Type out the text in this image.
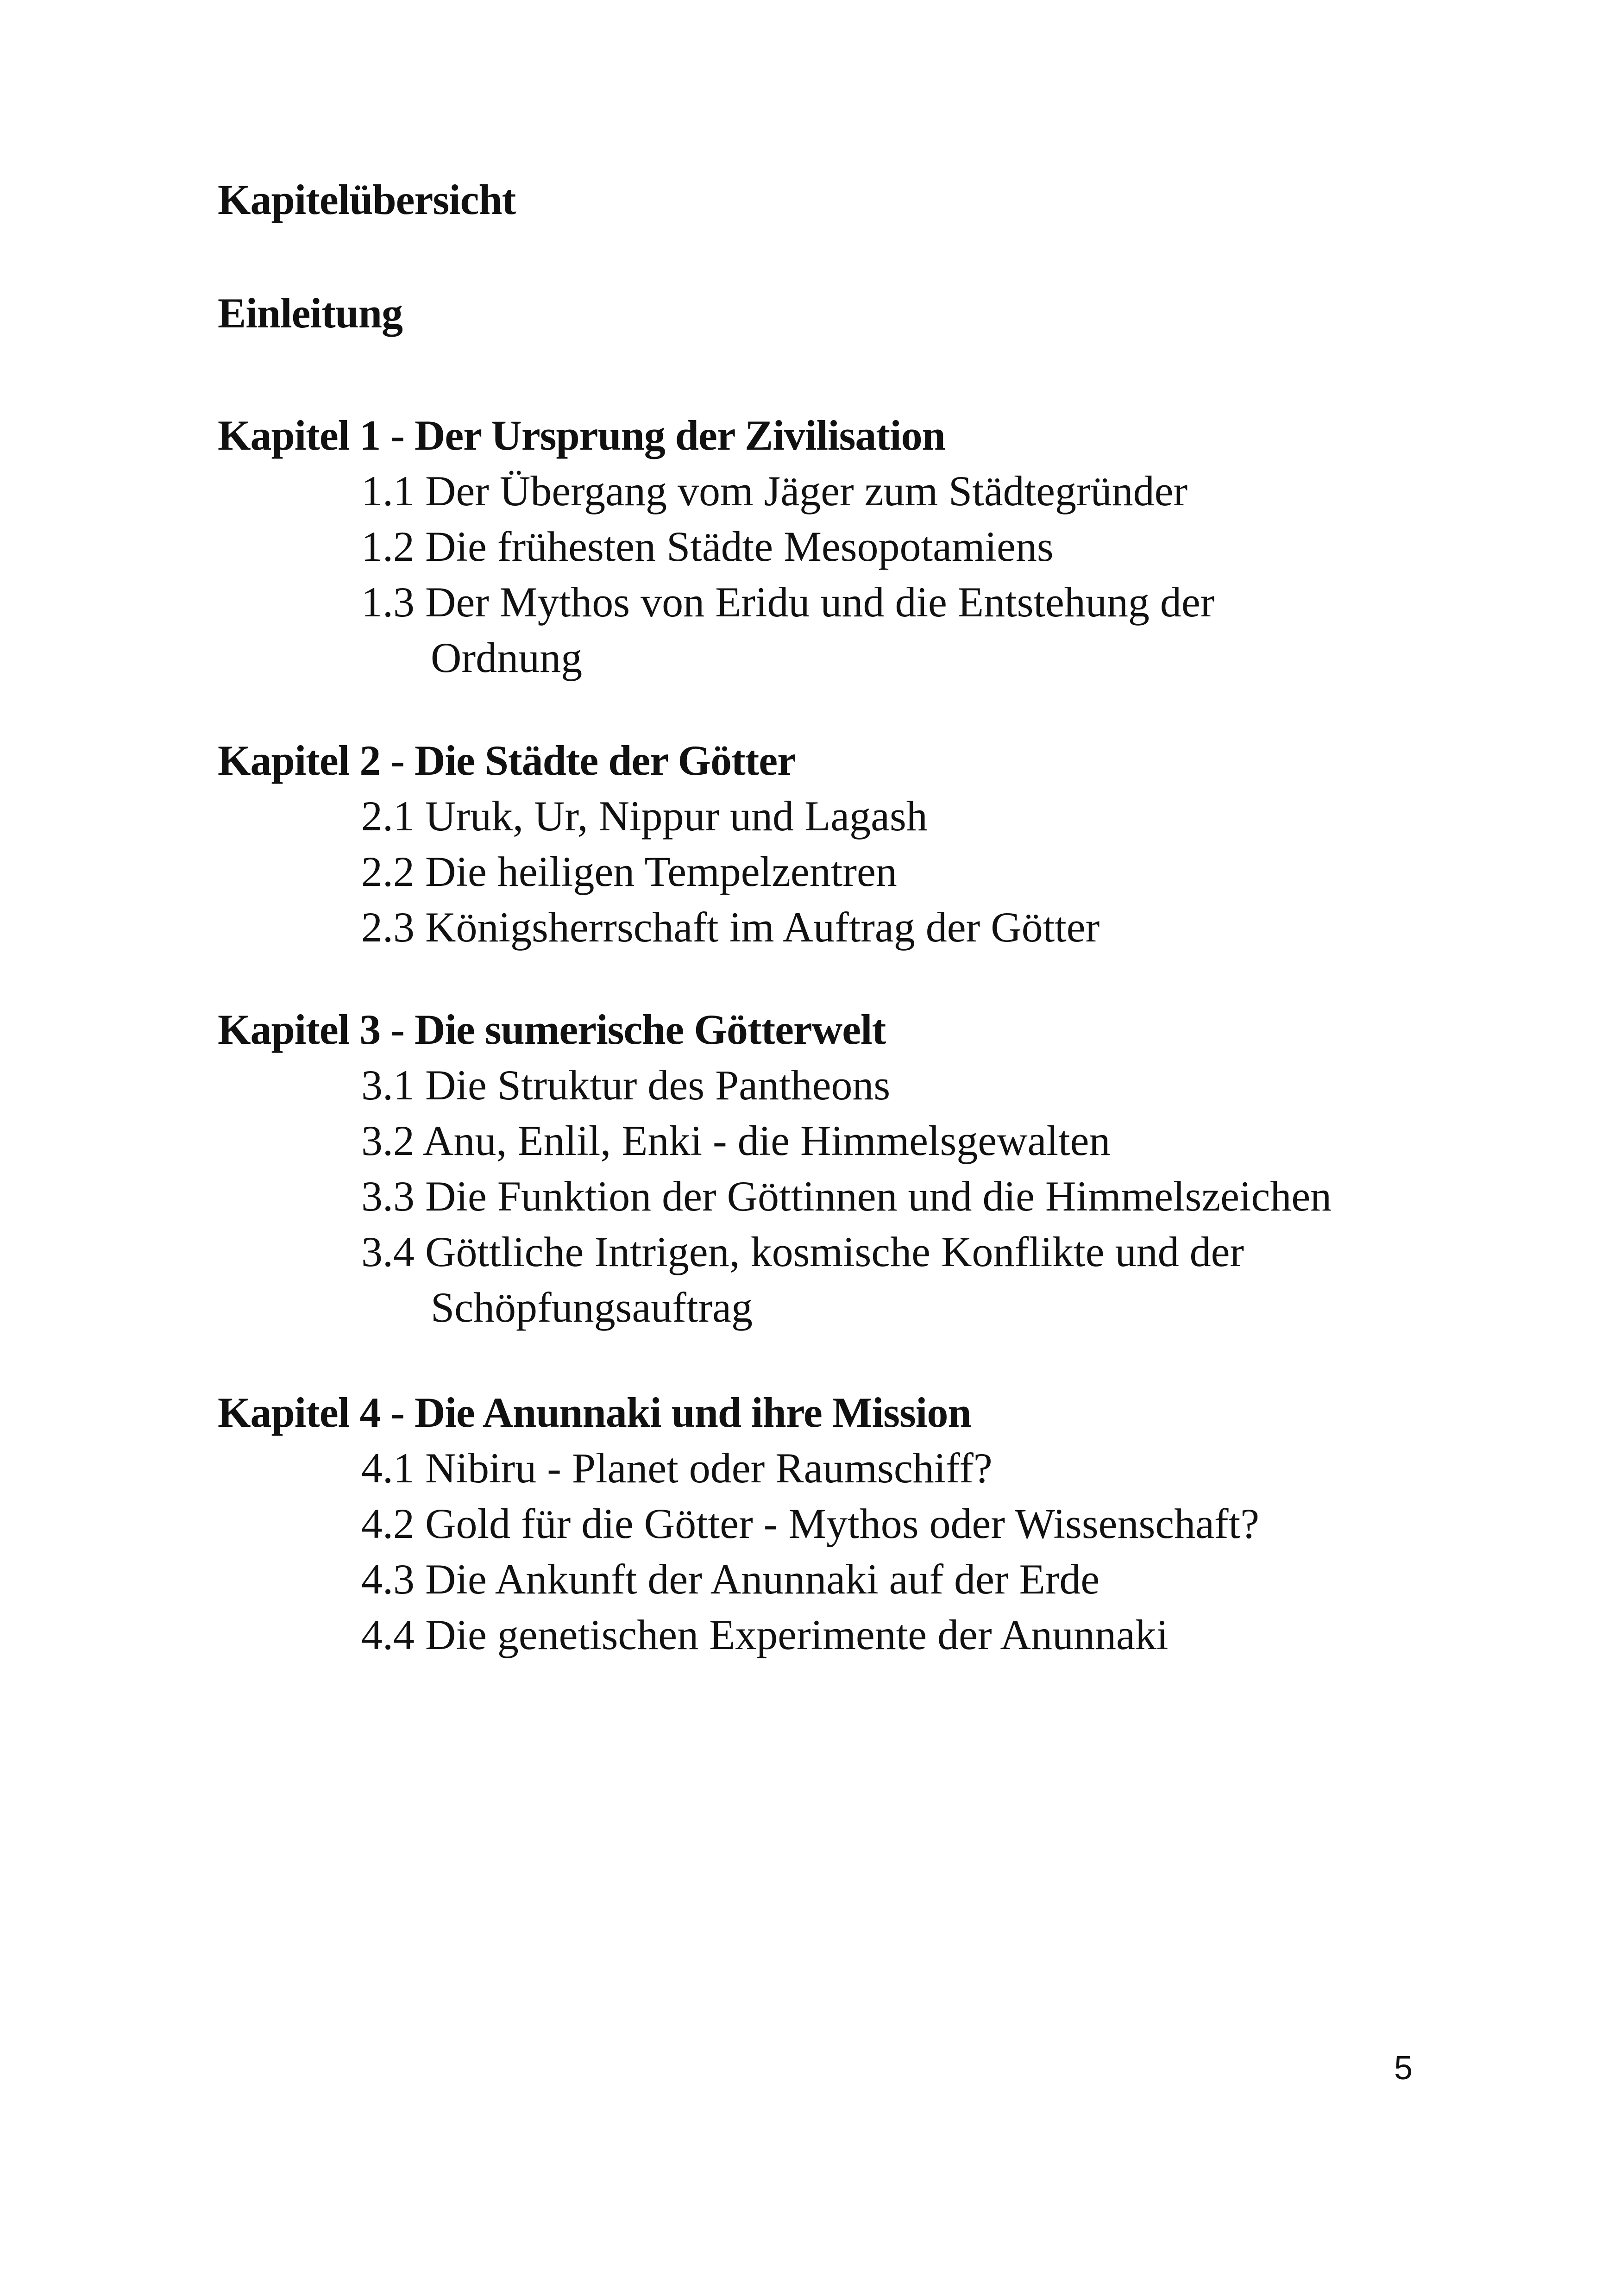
Kapitelübersicht
Einleitung
Kapitel 1 - Der Ursprung der Zivilisation
1.1 Der Übergang vom Jäger zum Städtegründer
1.2 Die frühesten Städte Mesopotamiens
1.3 Der Mythos von Eridu und die Entstehung der
Ordnung
Kapitel 2 - Die Städte der Götter
2.1 Uruk, Ur, Nippur und Lagash
2.2 Die heiligen Tempelzentren
2.3 Königsherrschaft im Auftrag der Götter
Kapitel 3 - Die sumerische Götterwelt
3.1 Die Struktur des Pantheons
3.2 Anu, Enlil, Enki - die Himmelsgewalten
3.3 Die Funktion der Göttinnen und die Himmelszeichen
3.4 Göttliche Intrigen, kosmische Konflikte und der
Schöpfungsauftrag
Kapitel 4 - Die Anunnaki und ihre Mission
4.1 Nibiru - Planet oder Raumschiff?
4.2 Gold für die Götter - Mythos oder Wissenschaft?
4.3 Die Ankunft der Anunnaki auf der Erde
4.4 Die genetischen Experimente der Anunnaki
5
